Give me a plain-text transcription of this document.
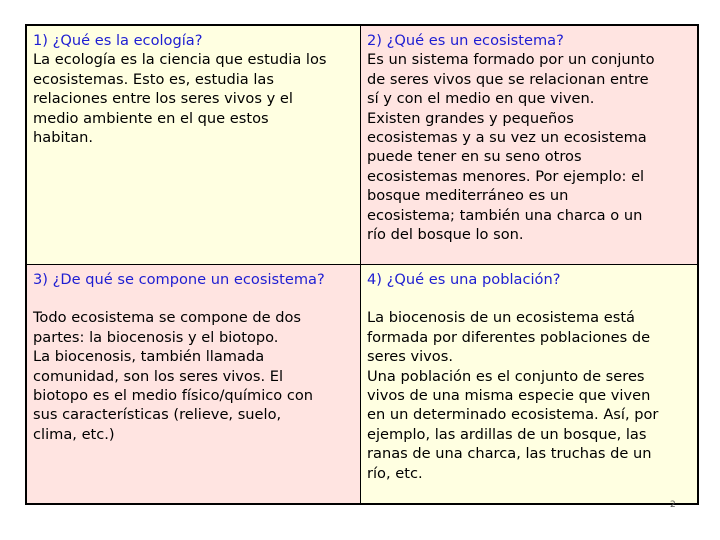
1) ¿Qué es la ecología?
La ecología es la ciencia que estudia los
ecosistemas. Esto es, estudia las
relaciones entre los seres vivos y el
medio ambiente en el que estos
habitan.
2) ¿Qué es un ecosistema?
Es un sistema formado por un conjunto
de seres vivos que se relacionan entre
sí y con el medio en que viven.
Existen grandes y pequeños
ecosistemas y a su vez un ecosistema
puede tener en su seno otros
ecosistemas menores. Por ejemplo: el
bosque mediterráneo es un
ecosistema; también una charca o un
río del bosque lo son.
3) ¿De qué se compone un ecosistema?
Todo ecosistema se compone de dos
partes: la biocenosis y el biotopo.
La biocenosis, también llamada
comunidad, son los seres vivos. El
biotopo es el medio físico/químico con
sus características (relieve, suelo,
clima, etc.)
4) ¿Qué es una población?
La biocenosis de un ecosistema está
formada por diferentes poblaciones de
seres vivos.
Una población es el conjunto de seres
vivos de una misma especie que viven
en un determinado ecosistema. Así, por
ejemplo, las ardillas de un bosque, las
ranas de una charca, las truchas de un
río, etc.
2
